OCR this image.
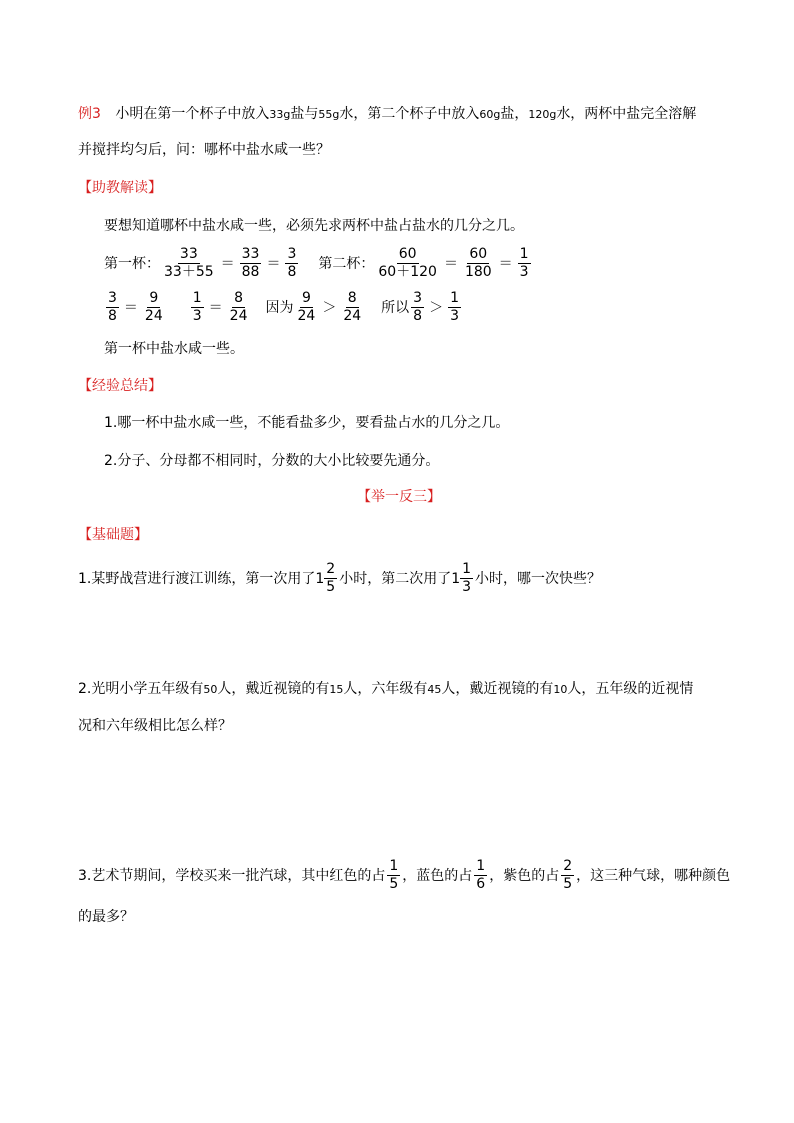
例3 小明在第一个杯子中放入33g盐与55g水，第二个杯子中放入60g盐，120g水，两杯中盐完全溶解
并搅拌均匀后，问：哪杯中盐水咸一些？
【助教解读】
要想知道哪杯中盐水咸一些，必须先求两杯中盐占盐水的几分之几。
第一杯：
33
33＋55
＝
33
88
＝
3
8
第二杯：
60
60＋120
＝
60
180
＝
1
3
3
8
＝
9
24
1
3
＝
8
24
因为
9
24
＞
8
24
所以
3
8
＞
1
3
第一杯中盐水咸一些。
【经验总结】
1.哪一杯中盐水咸一些，不能看盐多少，要看盐占水的几分之几。
2.分子、分母都不相同时，分数的大小比较要先通分。
【举一反三】
【基础题】
1.某野战营进行渡江训练，第一次用了 1
2
5
小时，第二次用了 1
1
3
小时，哪一次快些？
2.光明小学五年级有50人，戴近视镜的有15人，六年级有45人，戴近视镜的有10人，五年级的近视情
况和六年级相比怎么样？
3.艺术节期间，学校买来一批汽球，其中红色的占
1
5
，蓝色的占
1
6
，紫色的占
2
5
，这三种气球，哪种颜色
的最多？
